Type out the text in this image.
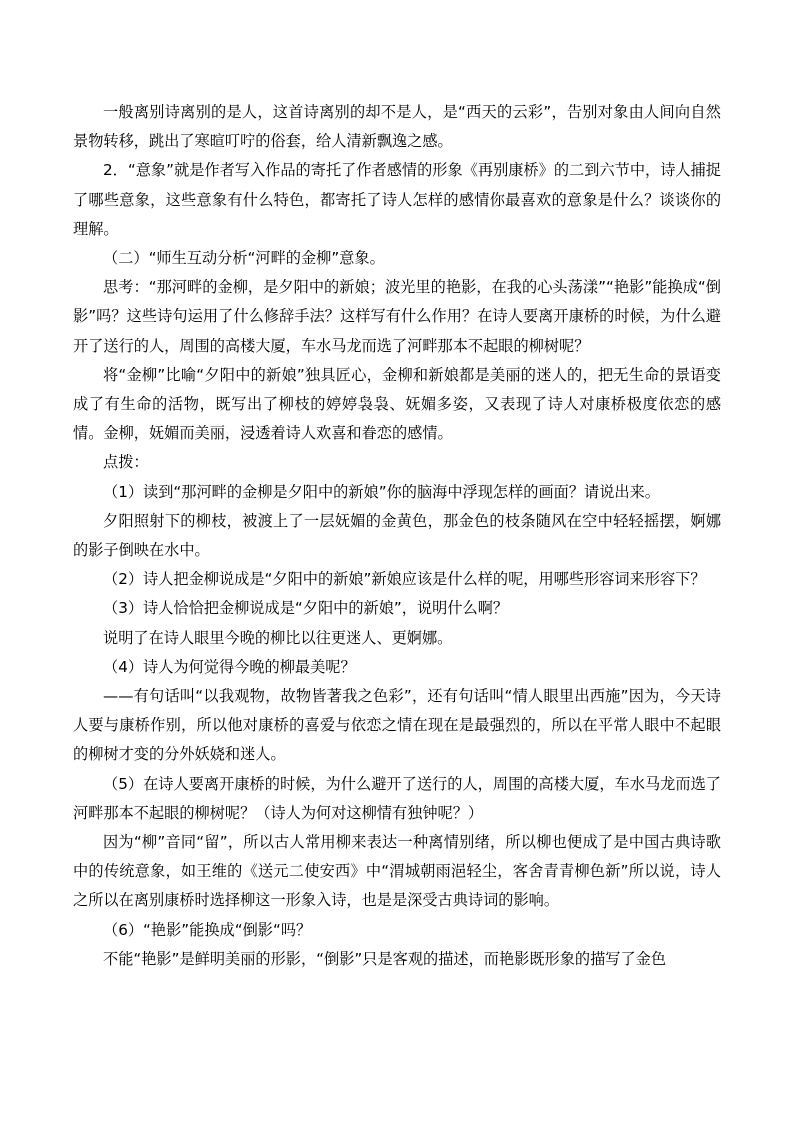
一般离别诗离别的是人，这首诗离别的却不是人，是“西天的云彩”，告别对象由人间向自然景物转移，跳出了寒暄叮咛的俗套，给人清新飘逸之感。

2．“意象”就是作者写入作品的寄托了作者感情的形象《再别康桥》的二到六节中，诗人捕捉了哪些意象，这些意象有什么特色，都寄托了诗人怎样的感情你最喜欢的意象是什么？谈谈你的理解。

（二）“师生互动分析“河畔的金柳”意象。

思考：“那河畔的金柳，是夕阳中的新娘；波光里的艳影，在我的心头荡漾”“艳影”能换成“倒影”吗？这些诗句运用了什么修辞手法？这样写有什么作用？在诗人要离开康桥的时候，为什么避开了送行的人，周围的高楼大厦，车水马龙而选了河畔那本不起眼的柳树呢？

将“金柳”比喻“夕阳中的新娘”独具匠心，金柳和新娘都是美丽的迷人的，把无生命的景语变成了有生命的活物，既写出了柳枝的婷婷袅袅、妩媚多姿，又表现了诗人对康桥极度依恋的感情。金柳，妩媚而美丽，浸透着诗人欢喜和眷恋的感情。

点拨：

（1）读到“那河畔的金柳是夕阳中的新娘”你的脑海中浮现怎样的画面？请说出来。

夕阳照射下的柳枝，被渡上了一层妩媚的金黄色，那金色的枝条随风在空中轻轻摇摆，婀娜的影子倒映在水中。

（2）诗人把金柳说成是“夕阳中的新娘”新娘应该是什么样的呢，用哪些形容词来形容下？

（3）诗人恰恰把金柳说成是“夕阳中的新娘”，说明什么啊？

说明了在诗人眼里今晚的柳比以往更迷人、更婀娜。

（4）诗人为何觉得今晚的柳最美呢？

——有句话叫“以我观物，故物皆著我之色彩”，还有句话叫“情人眼里出西施”因为，今天诗人要与康桥作别，所以他对康桥的喜爱与依恋之情在现在是最强烈的，所以在平常人眼中不起眼的柳树才变的分外妖娆和迷人。

（5）在诗人要离开康桥的时候，为什么避开了送行的人，周围的高楼大厦，车水马龙而选了河畔那本不起眼的柳树呢？（诗人为何对这柳情有独钟呢？）

因为“柳”音同“留”，所以古人常用柳来表达一种离情别绪，所以柳也便成了是中国古典诗歌中的传统意象，如王维的《送元二使安西》中“渭城朝雨浥轻尘，客舍青青柳色新”所以说，诗人之所以在离别康桥时选择柳这一形象入诗，也是是深受古典诗词的影响。

（6）“艳影”能换成“倒影“吗？

不能“艳影”是鲜明美丽的形影，“倒影”只是客观的描述，而艳影既形象的描写了金色
